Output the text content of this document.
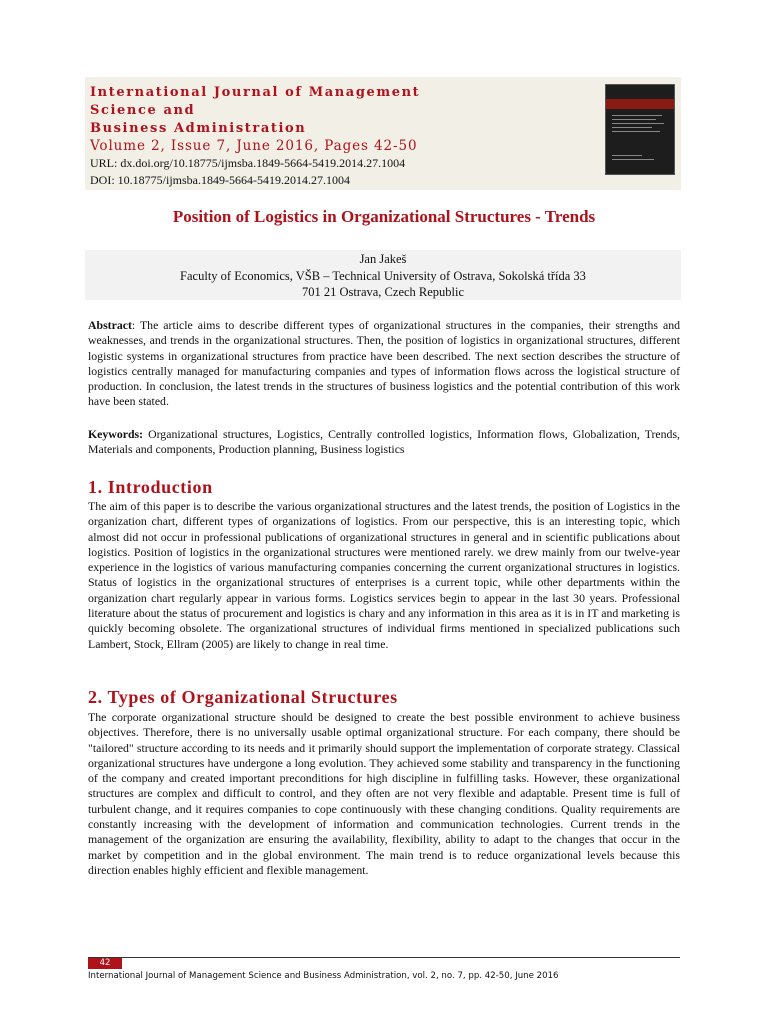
International Journal of Management Science and
Business Administration
Volume 2, Issue 7, June 2016, Pages 42-50
URL: dx.doi.org/10.18775/ijmsba.1849-5664-5419.2014.27.1004
DOI: 10.18775/ijmsba.1849-5664-5419.2014.27.1004
Position of Logistics in Organizational Structures - Trends
Jan Jakeš
Faculty of Economics, VŠB – Technical University of Ostrava, Sokolská třída 33
701 21 Ostrava, Czech Republic

Abstract: The article aims to describe different types of organizational structures in the companies, their strengths and weaknesses, and trends in the organizational structures. Then, the position of logistics in organizational structures, different logistic systems in organizational structures from practice have been described. The next section describes the structure of logistics centrally managed for manufacturing companies and types of information flows across the logistical structure of production. In conclusion, the latest trends in the structures of business logistics and the potential contribution of this work have been stated.

Keywords: Organizational structures, Logistics, Centrally controlled logistics, Information flows, Globalization, Trends, Materials and components, Production planning, Business logistics

1. Introduction

The aim of this paper is to describe the various organizational structures and the latest trends, the position of Logistics in the organization chart, different types of organizations of logistics. From our perspective, this is an interesting topic, which almost did not occur in professional publications of organizational structures in general and in scientific publications about logistics. Position of logistics in the organizational structures were mentioned rarely. we drew mainly from our twelve-year experience in the logistics of various manufacturing companies concerning the current organizational structures in logistics. Status of logistics in the organizational structures of enterprises is a current topic, while other departments within the organization chart regularly appear in various forms. Logistics services begin to appear in the last 30 years. Professional literature about the status of procurement and logistics is chary and any information in this area as it is in IT and marketing is quickly becoming obsolete. The organizational structures of individual firms mentioned in specialized publications such Lambert, Stock, Ellram (2005) are likely to change in real time.

2. Types of Organizational Structures

The corporate organizational structure should be designed to create the best possible environment to achieve business objectives. Therefore, there is no universally usable optimal organizational structure. For each company, there should be "tailored" structure according to its needs and it primarily should support the implementation of corporate strategy. Classical organizational structures have undergone a long evolution. They achieved some stability and transparency in the functioning of the company and created important preconditions for high discipline in fulfilling tasks. However, these organizational structures are complex and difficult to control, and they often are not very flexible and adaptable. Present time is full of turbulent change, and it requires companies to cope continuously with these changing conditions. Quality requirements are constantly increasing with the development of information and communication technologies. Current trends in the management of the organization are ensuring the availability, flexibility, ability to adapt to the changes that occur in the market by competition and in the global environment. The main trend is to reduce organizational levels because this direction enables highly efficient and flexible management.

42
International Journal of Management Science and Business Administration, vol. 2, no. 7, pp. 42-50, June 2016
